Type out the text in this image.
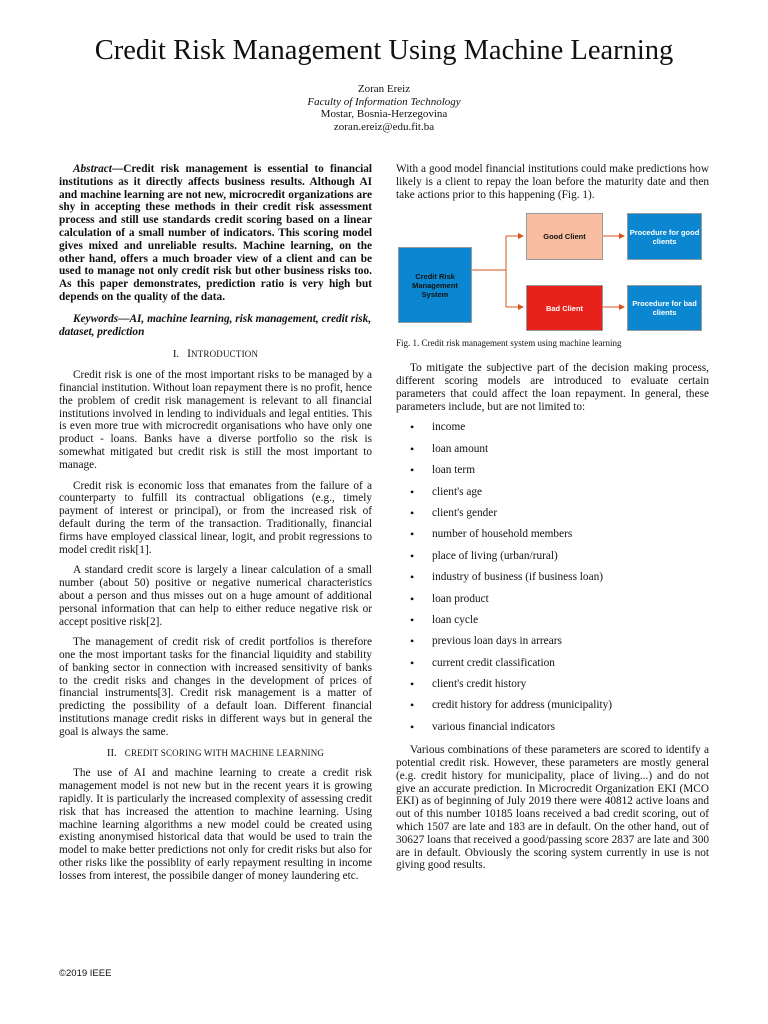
Credit Risk Management Using Machine Learning
Zoran Ereiz
Faculty of Information Technology
Mostar, Bosnia-Herzegovina
zoran.ereiz@edu.fit.ba
Abstract—Credit risk management is essential to financial institutions as it directly affects business results. Although AI and machine learning are not new, microcredit organizations are shy in accepting these methods in their credit risk assessment process and still use standards credit scoring based on a linear calculation of a small number of indicators. This scoring model gives mixed and unreliable results. Machine learning, on the other hand, offers a much broader view of a client and can be used to manage not only credit risk but other business risks too. As this paper demonstrates, prediction ratio is very high but depends on the quality of the data.
Keywords—AI, machine learning, risk management, credit risk, dataset, prediction
I. INTRODUCTION

Credit risk is one of the most important risks to be managed by a financial institution. Without loan repayment there is no profit, hence the problem of credit risk management is relevant to all financial institutions involved in lending to individuals and legal entities. This is even more true with microcredit organisations who have only one product - loans. Banks have a diverse portfolio so the risk is somewhat mitigated but credit risk is still the most important to manage.

Credit risk is economic loss that emanates from the failure of a counterparty to fulfill its contractual obligations (e.g., timely payment of interest or principal), or from the increased risk of default during the term of the transaction. Traditionally, financial firms have employed classical linear, logit, and probit regressions to model credit risk[1].

A standard credit score is largely a linear calculation of a small number (about 50) positive or negative numerical characteristics about a person and thus misses out on a huge amount of additional personal information that can help to either reduce negative risk or accept positive risk[2].

The management of credit risk of credit portfolios is therefore one the most important tasks for the financial liquidity and stability of banking sector in connection with increased sensitivity of banks to the credit risks and changes in the development of prices of financial instruments[3]. Credit risk management is a matter of predicting the possibility of a default loan. Different financial institutions manage credit risks in different ways but in general the goal is always the same.

II. CREDIT SCORING WITH MACHINE LEARNING

The use of AI and machine learning to create a credit risk management model is not new but in the recent years it is growing rapidly. It is particularly the increased complexity of assessing credit risk that has increased the attention to machine learning. Using machine learning algorithms a new model could be created using existing anonymised historical data that would be used to train the model to make better predictions not only for credit risks but also for other risks like the possiblity of early repayment resulting in income losses from interest, the possibile danger of money laundering etc.

With a good model financial institutions could make predictions how likely is a client to repay the loan before the maturity date and then take actions prior to this happening (Fig. 1).

Credit Risk Management System
Good Client
Bad Client
Procedure for good clients
Procedure for bad clients
Fig. 1. Credit risk management system using machine learning

To mitigate the subjective part of the decision making process, different scoring models are introduced to evaluate certain parameters that could affect the loan repayment. In general, these parameters include, but are not limited to:

• income
• loan amount
• loan term
• client's age
• client's gender
• number of household members
• place of living (urban/rural)
• industry of business (if business loan)
• loan product
• loan cycle
• previous loan days in arrears
• current credit classification
• client's credit history
• credit history for address (municipality)
• various financial indicators

Various combinations of these parameters are scored to identify a potential credit risk. However, these parameters are mostly general (e.g. credit history for municipality, place of living...) and do not give an accurate prediction. In Microcredit Organization EKI (MCO EKI) as of beginning of July 2019 there were 40812 active loans and out of this number 10185 loans received a bad credit scoring, out of which 1507 are late and 183 are in default. On the other hand, out of 30627 loans that received a good/passing score 2837 are late and 300 are in default. Obviously the scoring system currently in use is not giving good results.

©2019 IEEE
